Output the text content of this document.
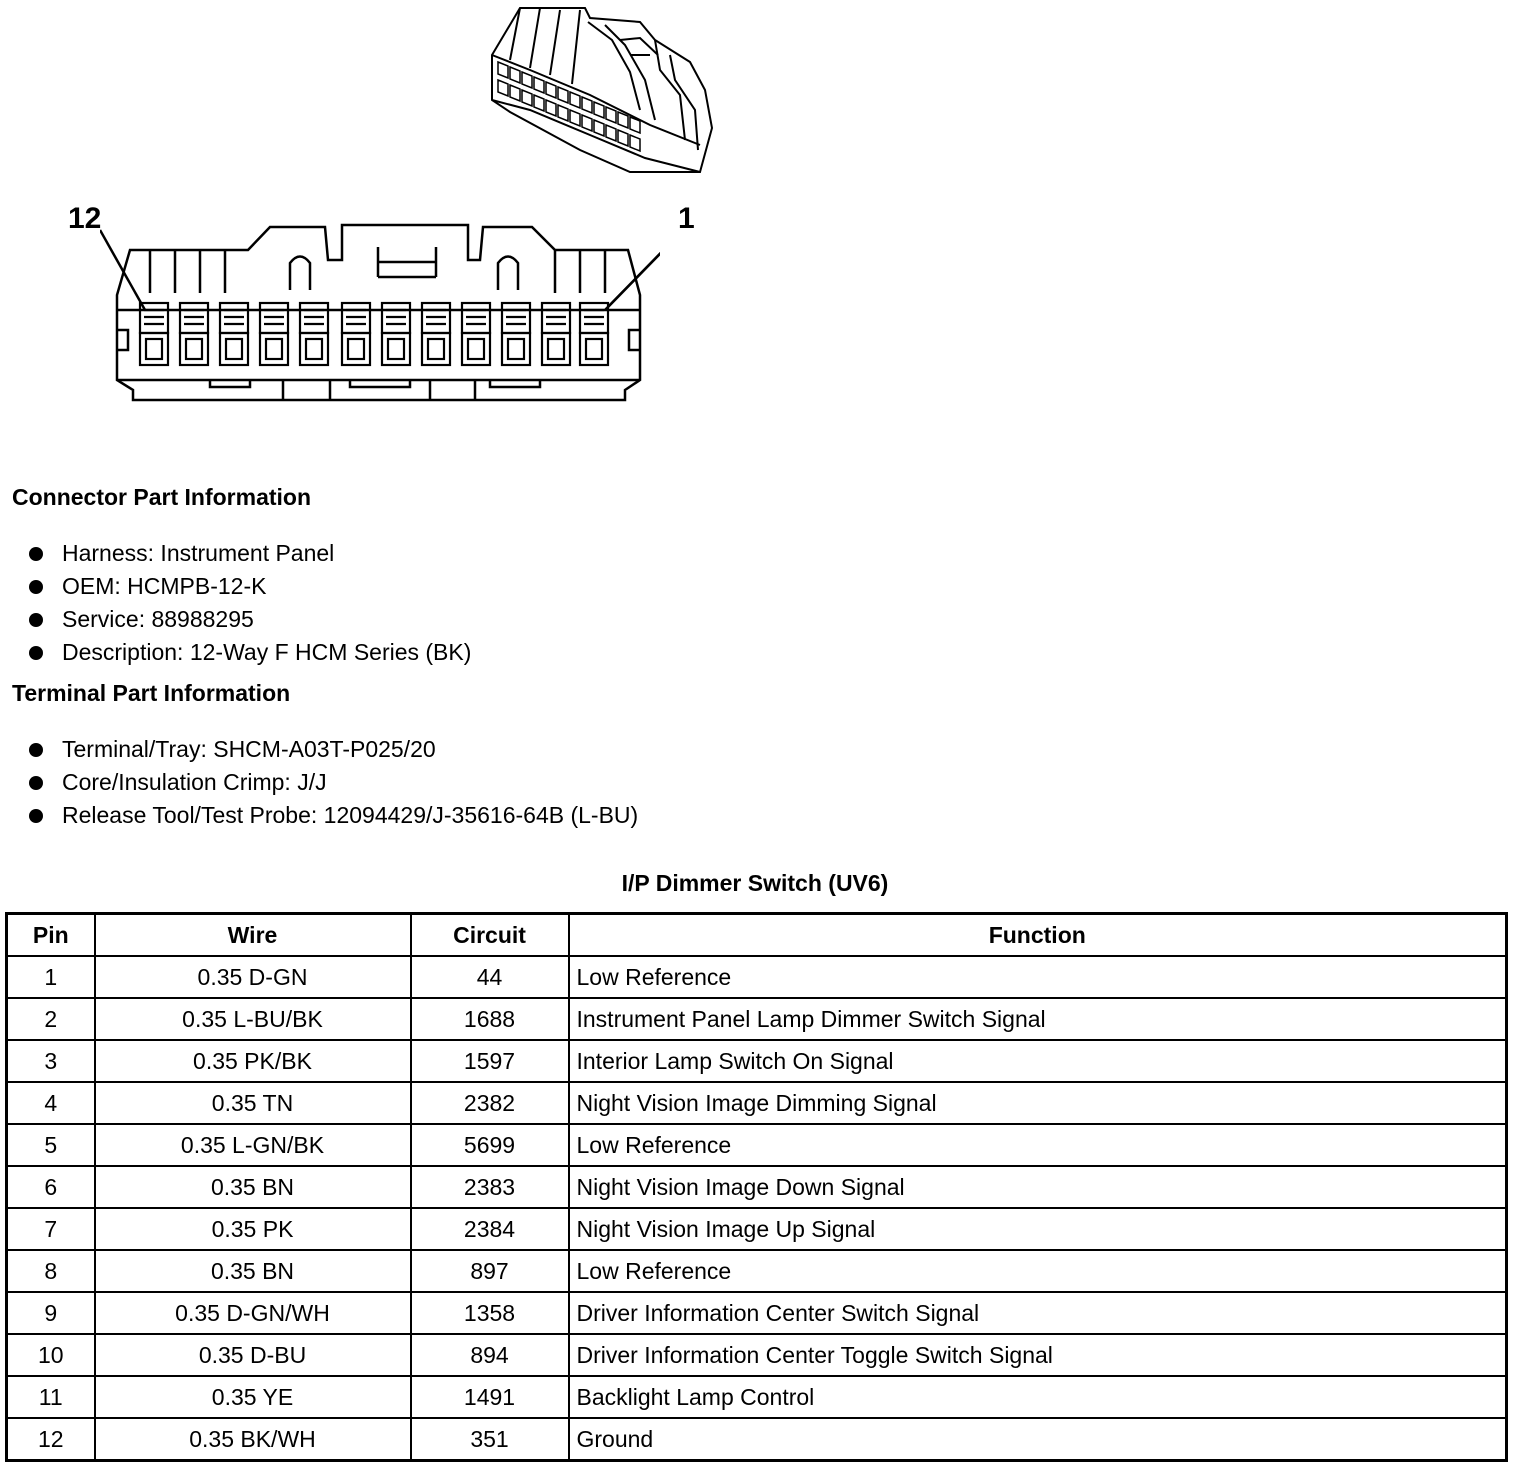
12	1
Connector Part Information
Harness: Instrument Panel
OEM: HCMPB-12-K
Service: 88988295
Description: 12-Way F HCM Series (BK)
Terminal Part Information
Terminal/Tray: SHCM-A03T-P025/20
Core/Insulation Crimp: J/J
Release Tool/Test Probe: 12094429/J-35616-64B (L-BU)
I/P Dimmer Switch (UV6)
Pin	Wire	Circuit	Function
1	0.35 D-GN	44	Low Reference
2	0.35 L-BU/BK	1688	Instrument Panel Lamp Dimmer Switch Signal
3	0.35 PK/BK	1597	Interior Lamp Switch On Signal
4	0.35 TN	2382	Night Vision Image Dimming Signal
5	0.35 L-GN/BK	5699	Low Reference
6	0.35 BN	2383	Night Vision Image Down Signal
7	0.35 PK	2384	Night Vision Image Up Signal
8	0.35 BN	897	Low Reference
9	0.35 D-GN/WH	1358	Driver Information Center Switch Signal
10	0.35 D-BU	894	Driver Information Center Toggle Switch Signal
11	0.35 YE	1491	Backlight Lamp Control
12	0.35 BK/WH	351	Ground
